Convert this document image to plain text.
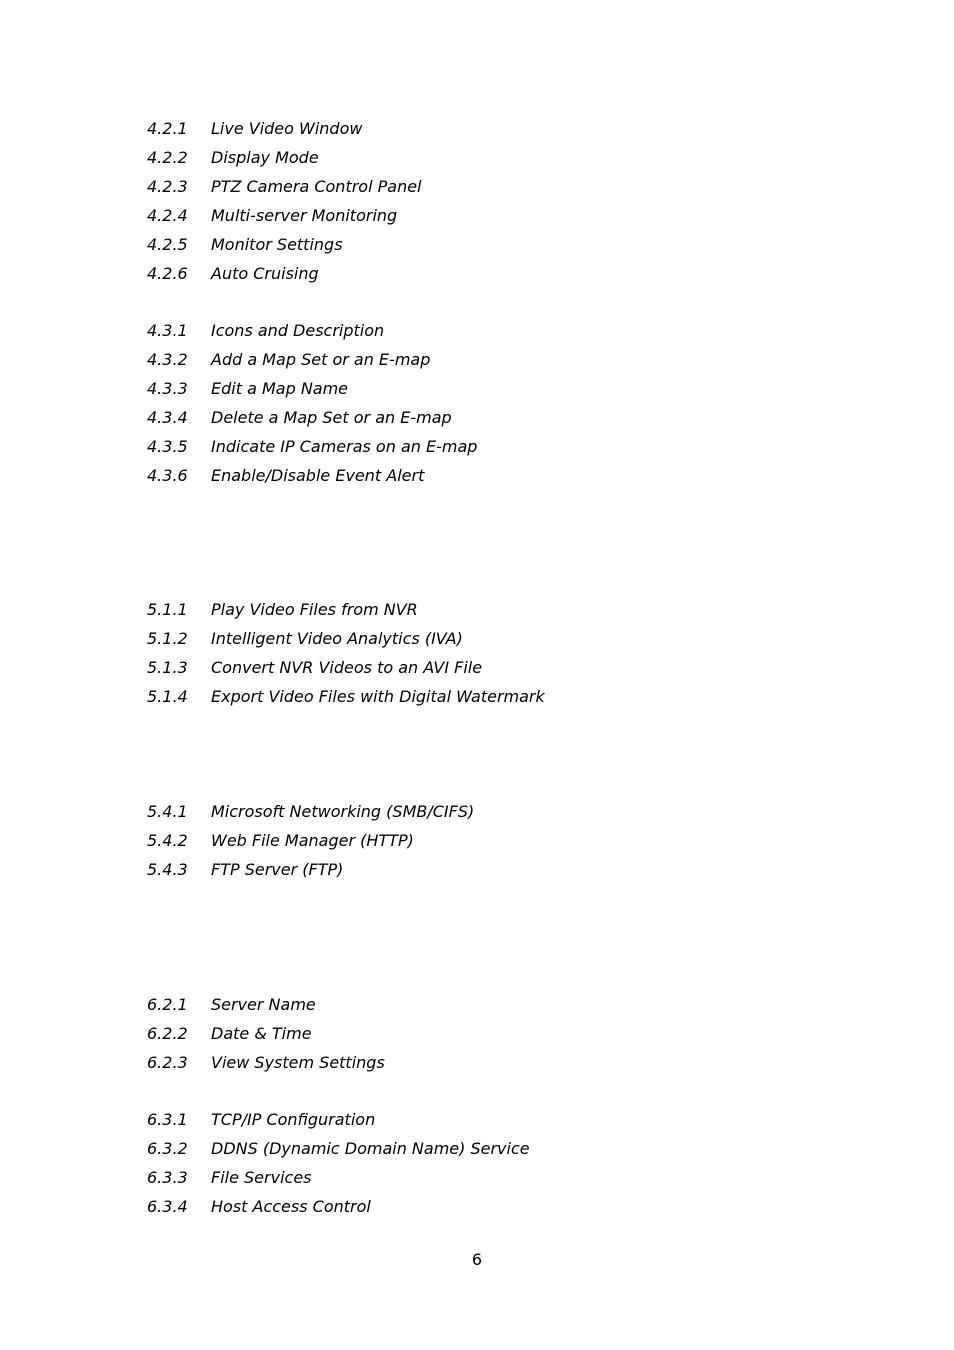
4.2.1 Live Video Window
4.2.2 Display Mode
4.2.3 PTZ Camera Control Panel
4.2.4 Multi-server Monitoring
4.2.5 Monitor Settings
4.2.6 Auto Cruising
4.3.1 Icons and Description
4.3.2 Add a Map Set or an E-map
4.3.3 Edit a Map Name
4.3.4 Delete a Map Set or an E-map
4.3.5 Indicate IP Cameras on an E-map
4.3.6 Enable/Disable Event Alert
5.1.1 Play Video Files from NVR
5.1.2 Intelligent Video Analytics (IVA)
5.1.3 Convert NVR Videos to an AVI File
5.1.4 Export Video Files with Digital Watermark
5.4.1 Microsoft Networking (SMB/CIFS)
5.4.2 Web File Manager (HTTP)
5.4.3 FTP Server (FTP)
6.2.1 Server Name
6.2.2 Date & Time
6.2.3 View System Settings
6.3.1 TCP/IP Configuration
6.3.2 DDNS (Dynamic Domain Name) Service
6.3.3 File Services
6.3.4 Host Access Control
6
